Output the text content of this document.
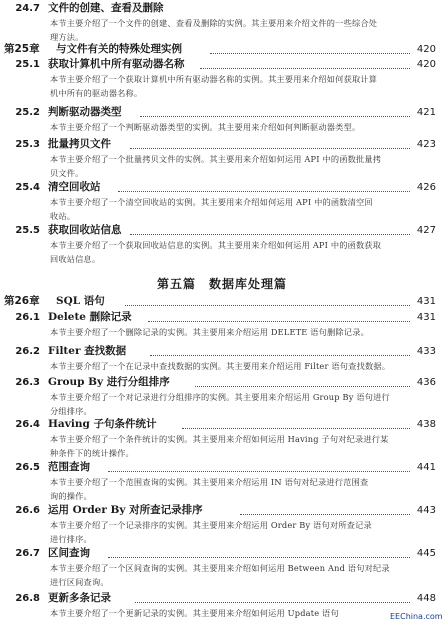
24.7 文件的创建、查看及删除
本节主要介绍了一个文件的创建、查看及删除的实例。其主要用来介绍文件的一些综合处
理方法。
第25章	与文件有关的特殊处理实例	420
25.1 获取计算机中所有驱动器名称	420
本节主要介绍了一个获取计算机中所有驱动器名称的实例。其主要用来介绍如何获取计算
机中所有的驱动器名称。
25.2 判断驱动器类型	421
本节主要介绍了一个判断驱动器类型的实例。其主要用来介绍如何判断驱动器类型。
25.3 批量拷贝文件	423
本节主要介绍了一个批量拷贝文件的实例。其主要用来介绍如何运用 API 中的函数批量拷
贝文件。
25.4 清空回收站	426
本节主要介绍了一个清空回收站的实例。其主要用来介绍如何运用 API 中的函数清空回
收站。
25.5 获取回收站信息	427
本节主要介绍了一个获取回收站信息的实例。其主要用来介绍如何运用 API 中的函数获取
回收站信息。
第五篇　数据库处理篇
第26章	SQL 语句	431
26.1 Delete 删除记录	431
本节主要介绍了一个删除记录的实例。其主要用来介绍运用 DELETE 语句删除记录。
26.2 Filter 查找数据	433
本节主要介绍了一个在记录中查找数据的实例。其主要用来介绍运用 Filter 语句查找数据。
26.3 Group By 进行分组排序	436
本节主要介绍了一个对记录进行分组排序的实例。其主要用来介绍运用 Group By 语句进行
分组排序。
26.4 Having 子句条件统计	438
本节主要介绍了一个条件统计的实例。其主要用来介绍如何运用 Having 子句对纪录进行某
种条件下的统计操作。
26.5 范围查询	441
本节主要介绍了一个范围查询的实例。其主要用来介绍运用 IN 语句对纪录进行范围查
询的操作。
26.6 运用 Order By 对所查记录排序	443
本节主要介绍了一个记录排序的实例。其主要用来介绍运用 Order By 语句对所查记录
进行排序。
26.7 区间查询	445
本节主要介绍了一个区间查询的实例。其主要用来介绍如何运用 Between And 语句对纪录
进行区间查询。
26.8 更新多条记录	448
本节主要介绍了一个更新记录的实例。其主要用来介绍如何运用 Update 语句	EEChina.com
